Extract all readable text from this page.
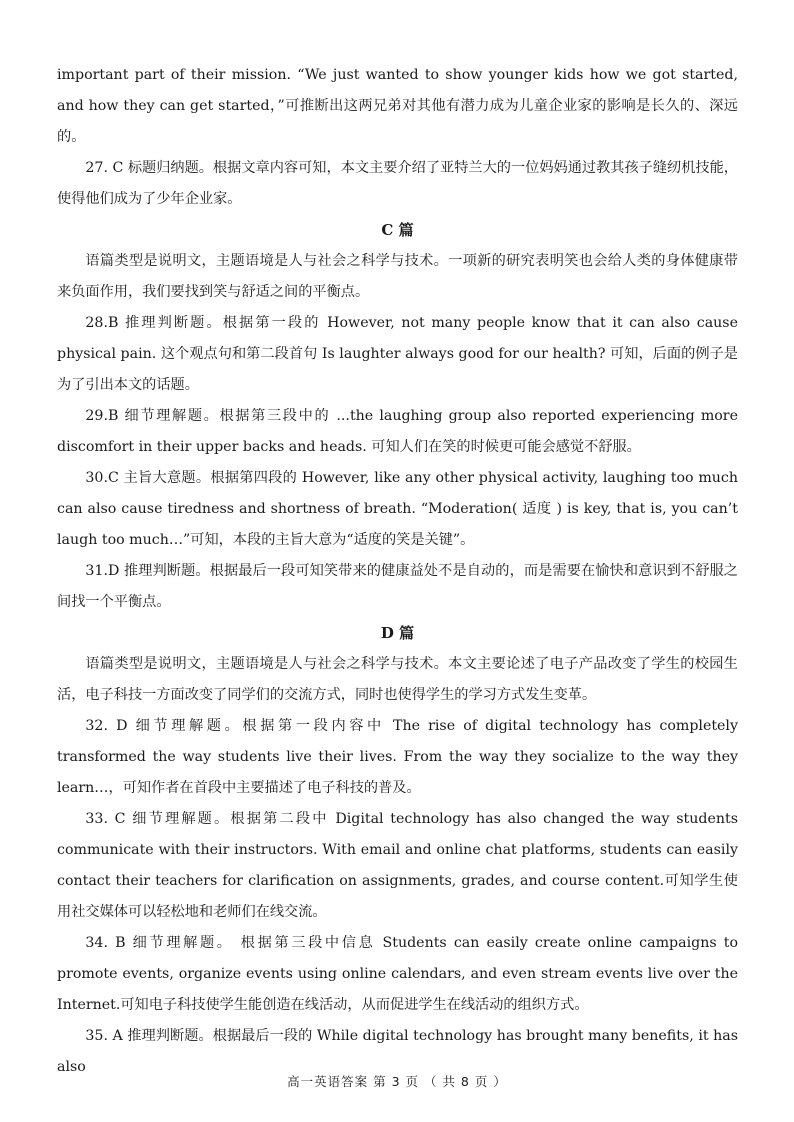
important part of their mission. “We just wanted to show younger kids how we got started, and how they can get started，”可推断出这两兄弟对其他有潜力成为儿童企业家的影响是长久的、深远的。

27. C 标题归纳题。根据文章内容可知，本文主要介绍了亚特兰大的一位妈妈通过教其孩子缝纫机技能，使得他们成为了少年企业家。

C 篇

语篇类型是说明文，主题语境是人与社会之科学与技术。一项新的研究表明笑也会给人类的身体健康带来负面作用，我们要找到笑与舒适之间的平衡点。

28.B 推理判断题。根据第一段的 However, not many people know that it can also cause physical pain. 这个观点句和第二段首句 Is laughter always good for our health? 可知，后面的例子是为了引出本文的话题。

29.B 细节理解题。根据第三段中的 ...the laughing group also reported experiencing more discomfort in their upper backs and heads. 可知人们在笑的时候更可能会感觉不舒服。

30.C 主旨大意题。根据第四段的 However, like any other physical activity, laughing too much can also cause tiredness and shortness of breath. “Moderation( 适度 ) is key, that is, you can’t laugh too much…”可知，本段的主旨大意为“适度的笑是关键”。

31.D 推理判断题。根据最后一段可知笑带来的健康益处不是自动的，而是需要在愉快和意识到不舒服之间找一个平衡点。

D 篇

语篇类型是说明文，主题语境是人与社会之科学与技术。本文主要论述了电子产品改变了学生的校园生活，电子科技一方面改变了同学们的交流方式，同时也使得学生的学习方式发生变革。

32. D 细节理解题。根据第一段内容中 The rise of digital technology has completely transformed the way students live their lives. From the way they socialize to the way they learn…，可知作者在首段中主要描述了电子科技的普及。

33. C 细节理解题。根据第二段中 Digital technology has also changed the way students communicate with their instructors. With email and online chat platforms, students can easily contact their teachers for clarification on assignments, grades, and course content.可知学生使用社交媒体可以轻松地和老师们在线交流。

34. B 细节理解题。 根据第三段中信息 Students can easily create online campaigns to promote events, organize events using online calendars, and even stream events live over the Internet.可知电子科技使学生能创造在线活动，从而促进学生在线活动的组织方式。

35. A 推理判断题。根据最后一段的 While digital technology has brought many benefits, it has also

高一英语答案 第 3 页 （ 共 8 页 ）
